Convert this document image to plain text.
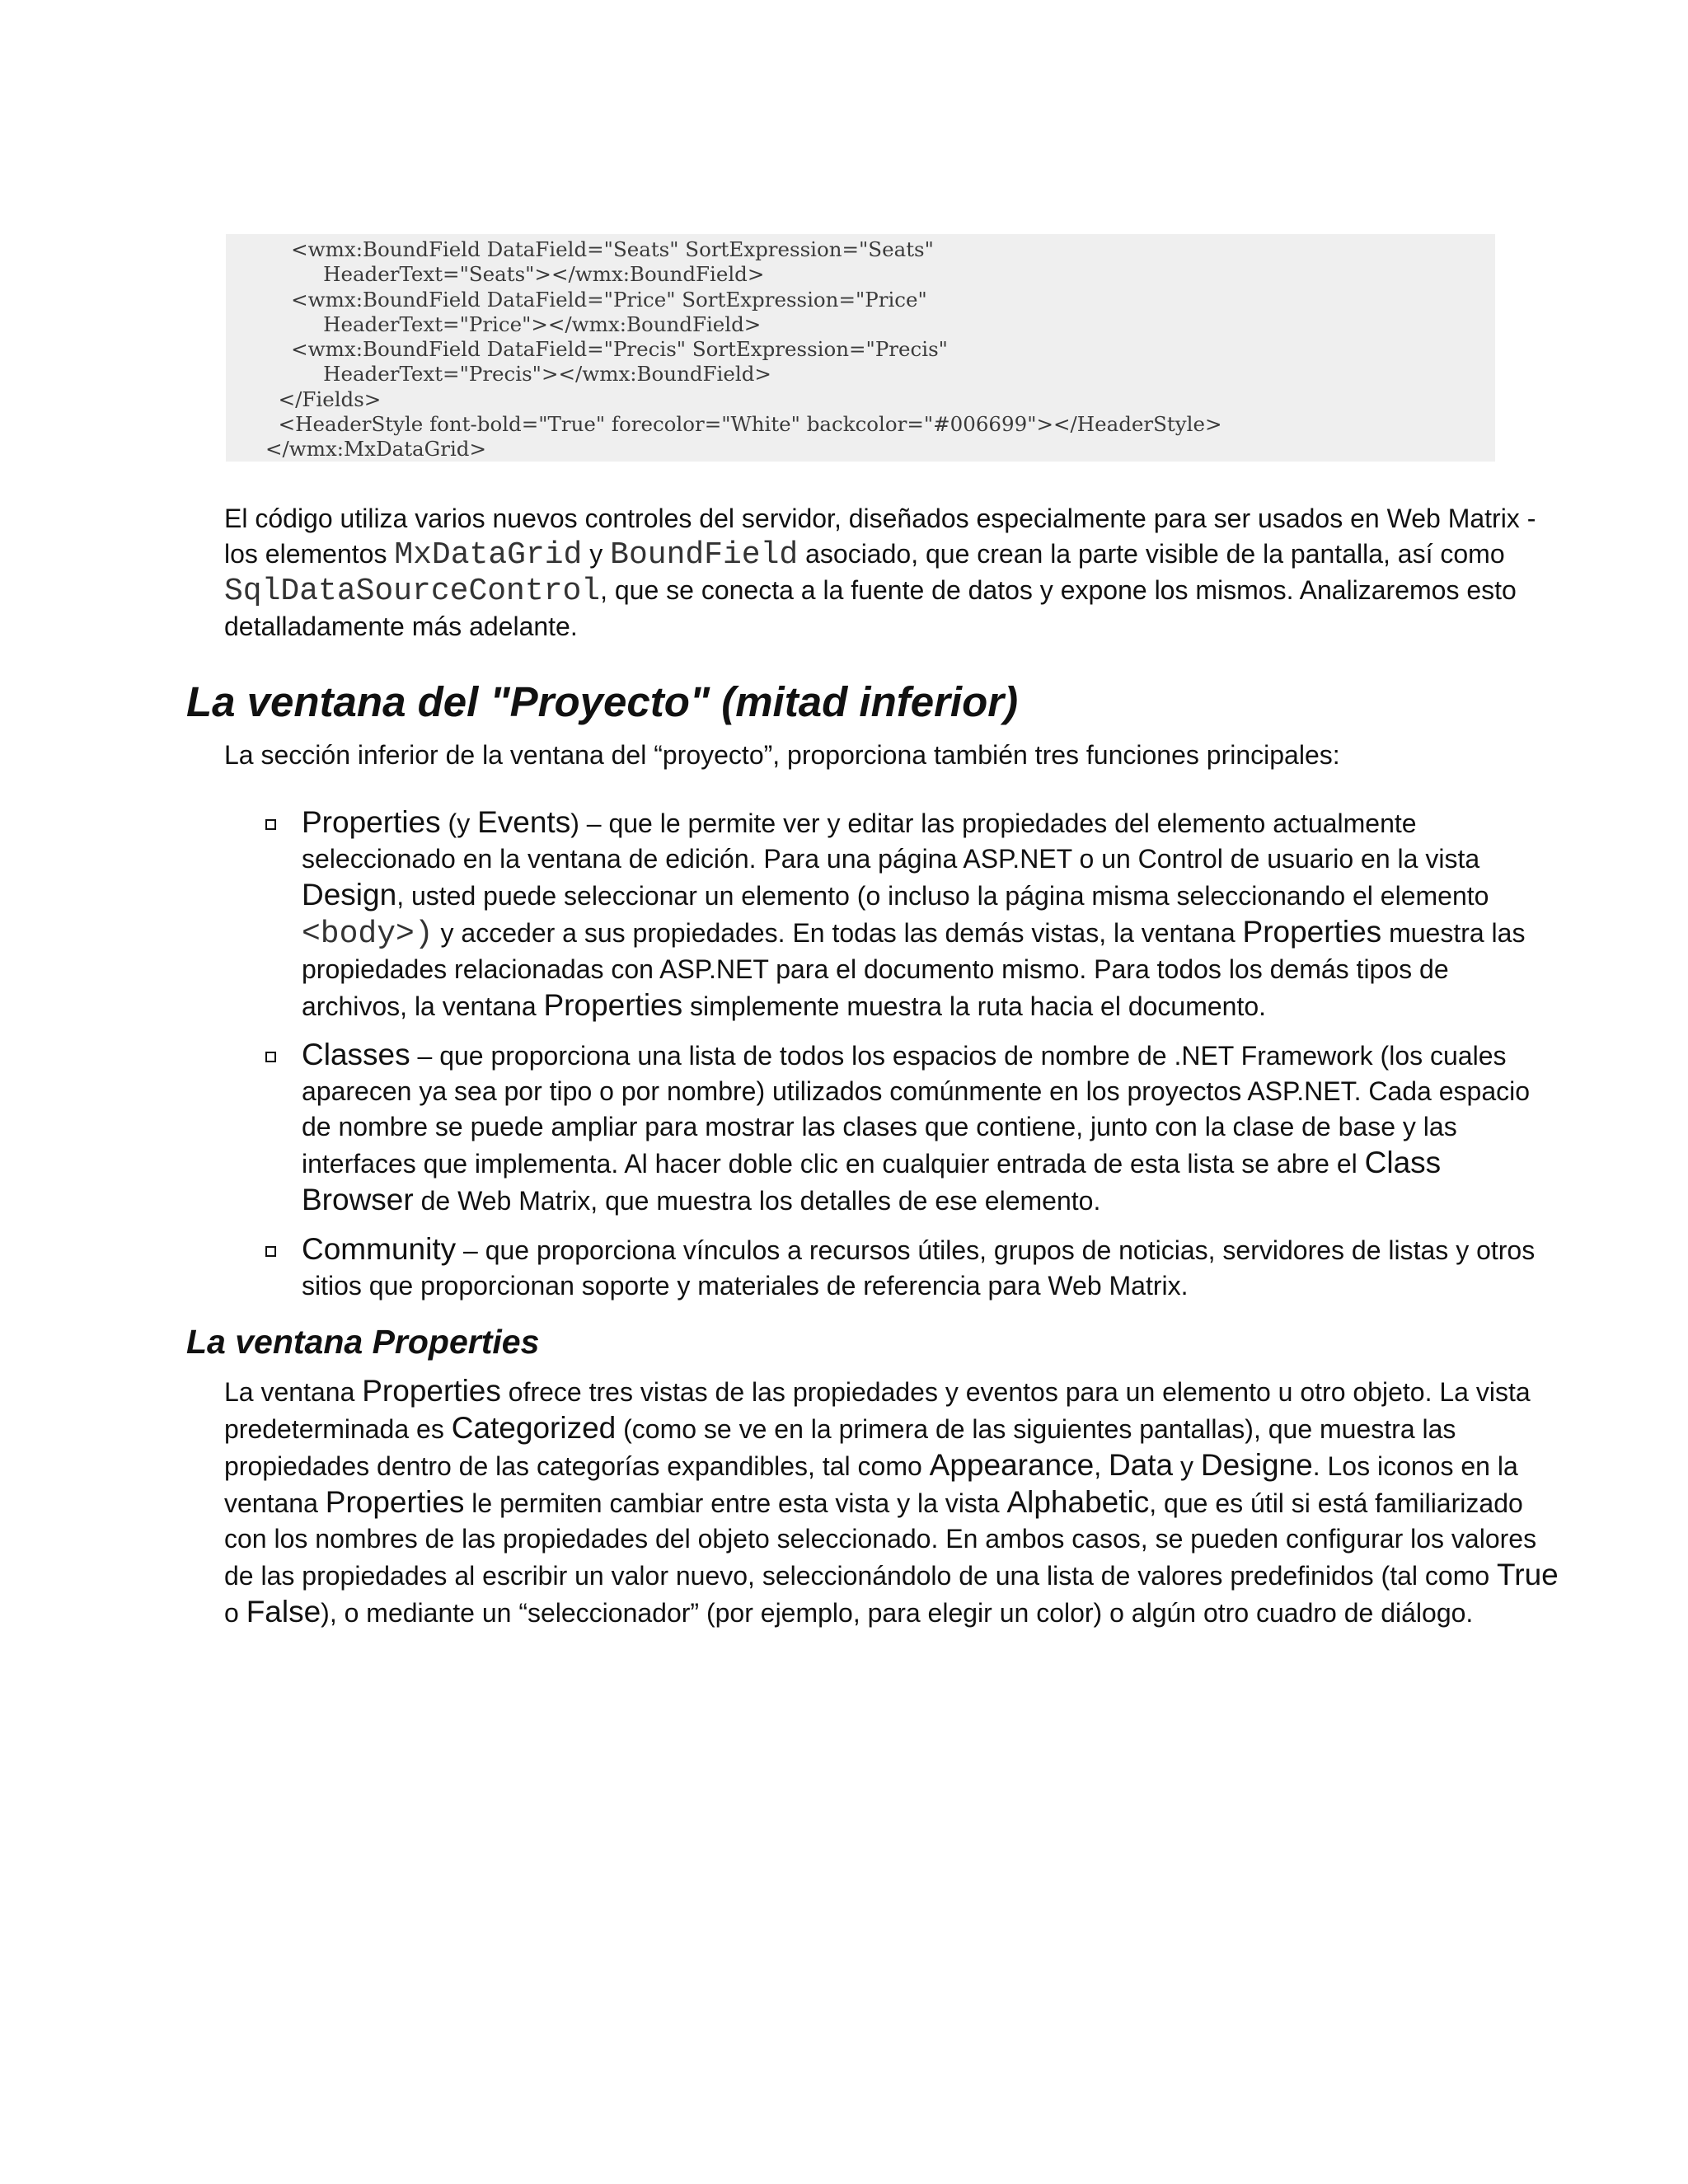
<wmx:BoundField DataField="Seats" SortExpression="Seats"
HeaderText="Seats"></wmx:BoundField>
<wmx:BoundField DataField="Price" SortExpression="Price"
HeaderText="Price"></wmx:BoundField>
<wmx:BoundField DataField="Precis" SortExpression="Precis"
HeaderText="Precis"></wmx:BoundField>
</Fields>
<HeaderStyle font-bold="True" forecolor="White" backcolor="#006699"></HeaderStyle>
</wmx:MxDataGrid>

El código utiliza varios nuevos controles del servidor, diseñados especialmente para ser usados en Web Matrix - los elementos MxDataGrid y BoundField asociado, que crean la parte visible de la pantalla, así como SqlDataSourceControl, que se conecta a la fuente de datos y expone los mismos. Analizaremos esto detalladamente más adelante.

La ventana del "Proyecto" (mitad inferior)

La sección inferior de la ventana del “proyecto”, proporciona también tres funciones principales:

Properties (y Events) – que le permite ver y editar las propiedades del elemento actualmente seleccionado en la ventana de edición. Para una página ASP.NET o un Control de usuario en la vista Design, usted puede seleccionar un elemento (o incluso la página misma seleccionando el elemento <body>) y acceder a sus propiedades. En todas las demás vistas, la ventana Properties muestra las propiedades relacionadas con ASP.NET para el documento mismo. Para todos los demás tipos de archivos, la ventana Properties simplemente muestra la ruta hacia el documento.
Classes – que proporciona una lista de todos los espacios de nombre de .NET Framework (los cuales aparecen ya sea por tipo o por nombre) utilizados comúnmente en los proyectos ASP.NET. Cada espacio de nombre se puede ampliar para mostrar las clases que contiene, junto con la clase de base y las interfaces que implementa. Al hacer doble clic en cualquier entrada de esta lista se abre el Class Browser de Web Matrix, que muestra los detalles de ese elemento.
Community – que proporciona vínculos a recursos útiles, grupos de noticias, servidores de listas y otros sitios que proporcionan soporte y materiales de referencia para Web Matrix.
La ventana Properties

La ventana Properties ofrece tres vistas de las propiedades y eventos para un elemento u otro objeto. La vista predeterminada es Categorized (como se ve en la primera de las siguientes pantallas), que muestra las propiedades dentro de las categorías expandibles, tal como Appearance, Data y Designe. Los iconos en la ventana Properties le permiten cambiar entre esta vista y la vista Alphabetic, que es útil si está familiarizado con los nombres de las propiedades del objeto seleccionado. En ambos casos, se pueden configurar los valores de las propiedades al escribir un valor nuevo, seleccionándolo de una lista de valores predefinidos (tal como True o False), o mediante un “seleccionador” (por ejemplo, para elegir un color) o algún otro cuadro de diálogo.
